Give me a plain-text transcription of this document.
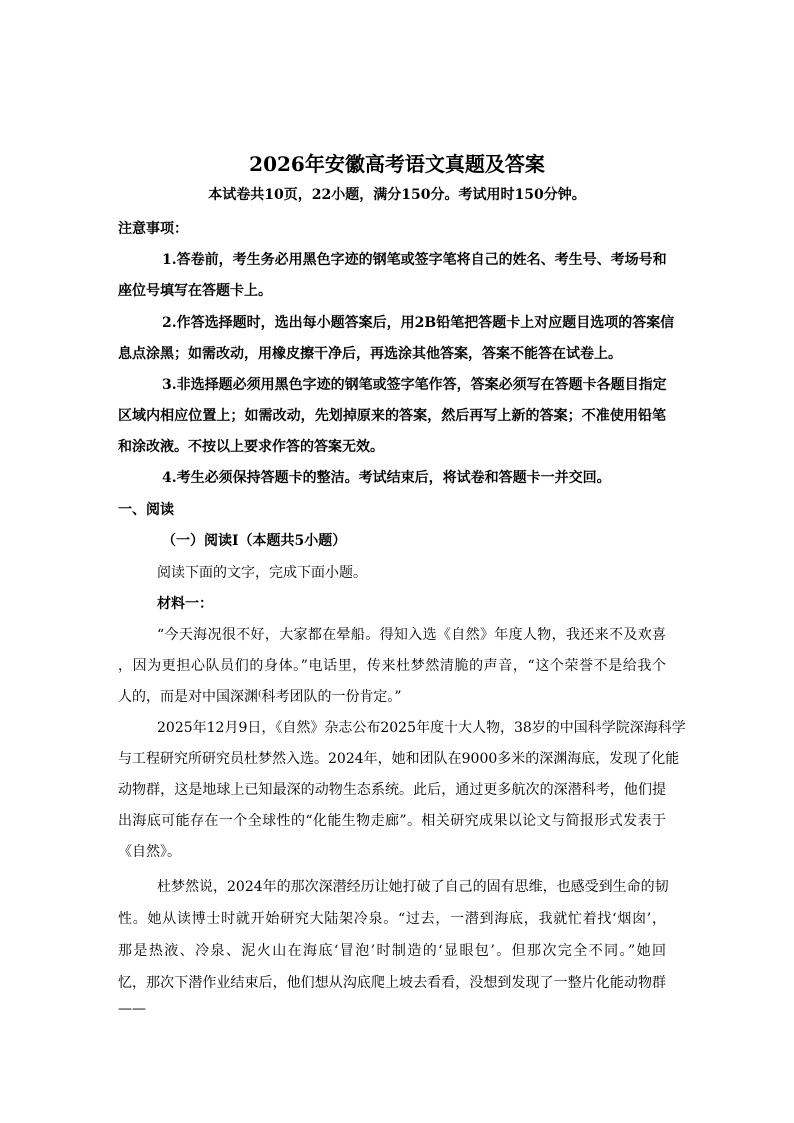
2026年安徽高考语文真题及答案
本试卷共10页，22小题，满分150分。考试用时150分钟。
注意事项：
1.答卷前，考生务必用黑色字迹的钢笔或签字笔将自己的姓名、考生号、考场号和
座位号填写在答题卡上。
2.作答选择题时，选出每小题答案后，用2B铅笔把答题卡上对应题目选项的答案信
息点涂黑；如需改动，用橡皮擦干净后，再选涂其他答案，答案不能答在试卷上。
3.非选择题必须用黑色字迹的钢笔或签字笔作答，答案必须写在答题卡各题目指定
区域内相应位置上；如需改动，先划掉原来的答案，然后再写上新的答案；不准使用铅笔
和涂改液。不按以上要求作答的答案无效。
4.考生必须保持答题卡的整洁。考试结束后，将试卷和答题卡一并交回。
一、阅读
（一）阅读I（本题共5小题）
阅读下面的文字，完成下面小题。
材料一：
“今天海况很不好，大家都在晕船。得知入选《自然》年度人物，我还来不及欢喜
，因为更担心队员们的身体。”电话里，传来杜梦然清脆的声音，“这个荣誉不是给我个
人的，而是对中国深渊⁽科考团队的一份肯定。”
2025年12月9日，《自然》杂志公布2025年度十大人物，38岁的中国科学院深海科学
与工程研究所研究员杜梦然入选。2024年，她和团队在9000多米的深渊海底，发现了化能
动物群，这是地球上已知最深的动物生态系统。此后，通过更多航次的深潜科考，他们提
出海底可能存在一个全球性的“化能生物走廊”。相关研究成果以论文与简报形式发表于
《自然》。
杜梦然说，2024年的那次深潜经历让她打破了自己的固有思维，也感受到生命的韧
性。她从读博士时就开始研究大陆架冷泉。“过去，一潜到海底，我就忙着找‘烟囱’，
那是热液、冷泉、泥火山在海底‘冒泡’时制造的‘显眼包’。但那次完全不同。”她回
忆，那次下潜作业结束后，他们想从沟底爬上坡去看看，没想到发现了一整片化能动物群
——
